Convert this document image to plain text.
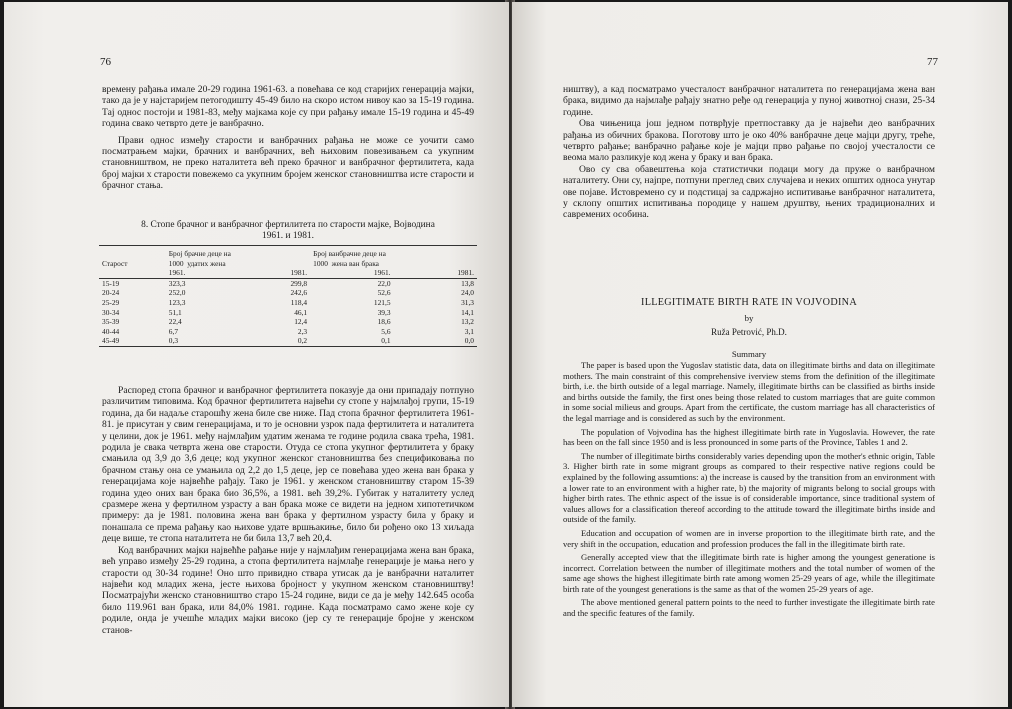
76

времену рађања имале 20-29 година 1961-63. а повећава се код старијих генерација мајки, тако да је у најстаријем петогодишту 45-49 било на скоро истом нивоу као за 15-19 година. Тај однос постоји и 1981-83, међу мајкама које су при рађању имале 15-19 година и 45-49 година свако четврто дете је ванбрачно.

Прави однос између старости и ванбрачних рађања не може се уочити само посматрањем мајки, брачних и ванбрачних, већ њиховим повезивањем са укупним становништвом, не преко наталитета већ преко брачног и ванбрачног фертилитета, када број мајки х старости повежемо са укупним бројем женског становништва исте старости и брачног стања.

8. Стопе брачног и ванбрачног фертилитета по старости мајке, Војводина
1961. и 1981.
	Број брачне деце на		Број ванбрачне деце на	
Старост	1000 удатих жена		1000 жена ван брака	
	1961.	1981.	1961.	1981.
15-19	323,3	299,8	22,0	13,8
20-24	252,0	242,6	52,6	24,0
25-29	123,3	118,4	121,5	31,3
30-34	51,1	46,1	39,3	14,1
35-39	22,4	12,4	18,6	13,2
40-44	6,7	2,3	5,6	3,1
45-49	0,3	0,2	0,1	0,0

Распоред стопа брачног и ванбрачног фертилитета показује да они припадају потпуно различитим типовима. Код брачног фертилитета највећи су стопе у најмлађој групи, 15-19 година, да би надаље старошћу жена биле све ниже. Пад стопа брачног фертилитета 1961-81. је присутан у свим генерацијама, и то је основни узрок пада фертилитета и наталитета у целини, док је 1961. међу најмлађим удатим женама те године родила свака трећа, 1981. родила је свака четврта жена ове старости. Отуда се стопа укупног фертилитета у браку смањила од 3,9 до 3,6 деце; код укупног женског становништва без спецификовања по брачном стању она се умањила од 2,2 до 1,5 деце, јер се повећава удео жена ван брака у генерацијама које највећће рађају. Тако је 1961. у женском становништву старом 15-39 година удео оних ван брака био 36,5%, а 1981. већ 39,2%. Губитак у наталитету услед сразмере жена у фертилном узрасту а ван брака може се видети на једном хипотетичком примеру: да је 1981. половина жена ван брака у фертилном узрасту била у браку и понашала се према рађању као њихове удате вршњакиње, било би рођено око 13 хиљада деце више, те стопа наталитета не би била 13,7 већ 20,4.

Код ванбрачних мајки највећће рађање није у најмлађим генерацијама жена ван брака, већ управо између 25-29 година, а стопа фертилитета најмлађе генерације је мања него у старости од 30-34 године! Оно што привидно ствара утисак да је ванбрачни наталитет највећи код младих жена, јесте њихова бројност у укупном женском становништву! Посматрајући женско становништво старо 15-24 године, види се да је међу 142.645 особа било 119.961 ван брака, или 84,0% 1981. године. Када посматрамо само жене које су родиле, онда је учешће младих мајки високо (јер су те генерације бројне у женском станов-

77

ништву), а кад посматрамо учесталост ванбрачног наталитета по генерацијама жена ван брака, видимо да најмлађе рађају знатно ређе од генерација у пуној животној снази, 25-34 године.

Ова чињеница још једном потврђује претпоставку да је највећи део ванбрачних рађања из обичних бракова. Поготову што је око 40% ванбрачне деце мајци другу, треће, четврто рађање; ванбрачно рађање које је мајци прво рађање по својој учесталости се веома мало разликује код жена у браку и ван брака.

Ово су сва обавештења која статистички подаци могу да пруже о ванбрачном наталитету. Они су, најпре, потпуни преглед свих случајева и неких општих односа унутар ове појаве. Истовремено су и подстицај за садржајно испитивање ванбрачног наталитета, у склопу општих испитивања породице у нашем друштву, њених традиционалних и савремених особина.

ILLEGITIMATE BIRTH RATE IN VOJVODINA
by
Ruža Petrović, Ph.D.
Summary

The paper is based upon the Yugoslav statistic data, data on illegitimate births and data on illegitimate mothers. The main constraint of this comprehensive iverview stems from the definition of the illegitimate birth, i.e. the birth outside of a legal marriage. Namely, illegitimate births can be classified as births inside and births outside the family, the first ones being those related to custom marriages that are guite common in some social milieus and groups. Apart from the certificate, the custom marriage has all characteristics of the legal marriage and is considered as such by the environment.

The population of Vojvodina has the highest illegitimate birth rate in Yugoslavia. However, the rate has been on the fall since 1950 and is less pronounced in some parts of the Province, Tables 1 and 2.

The number of illegitimate births considerably varies depending upon the mother's ethnic origin, Table 3. Higher birth rate in some migrant groups as compared to their respective native regions could be explained by the following assumtions: a) the increase is caused by the transition from an environment with a lower rate to an environment with a higher rate, b) the majority of migrants belong to social groups with higher birth rates. The ethnic aspect of the issue is of considerable importance, since traditional system of values allows for a classification thereof according to the attitude toward the illegitimate births inside and outside of the family.

Education and occupation of women are in inverse proportion to the illegitimate birth rate, and the very shift in the occupation, education and profession produces the fall in the illegitimate birth rate.

Generally accepted view that the illegitimate birth rate is higher among the youngest generatione is incorrect. Correlation between the number of illegitimate mothers and the total number of women of the same age shows the highest illegitimate birth rate among women 25-29 years of age, while the illegitimate birth rate of the youngest generations is the same as that of the women 25-29 years of age.

The above mentioned general pattern points to the need to further investigate the illegitimate birth rate and the specific features of the family.
